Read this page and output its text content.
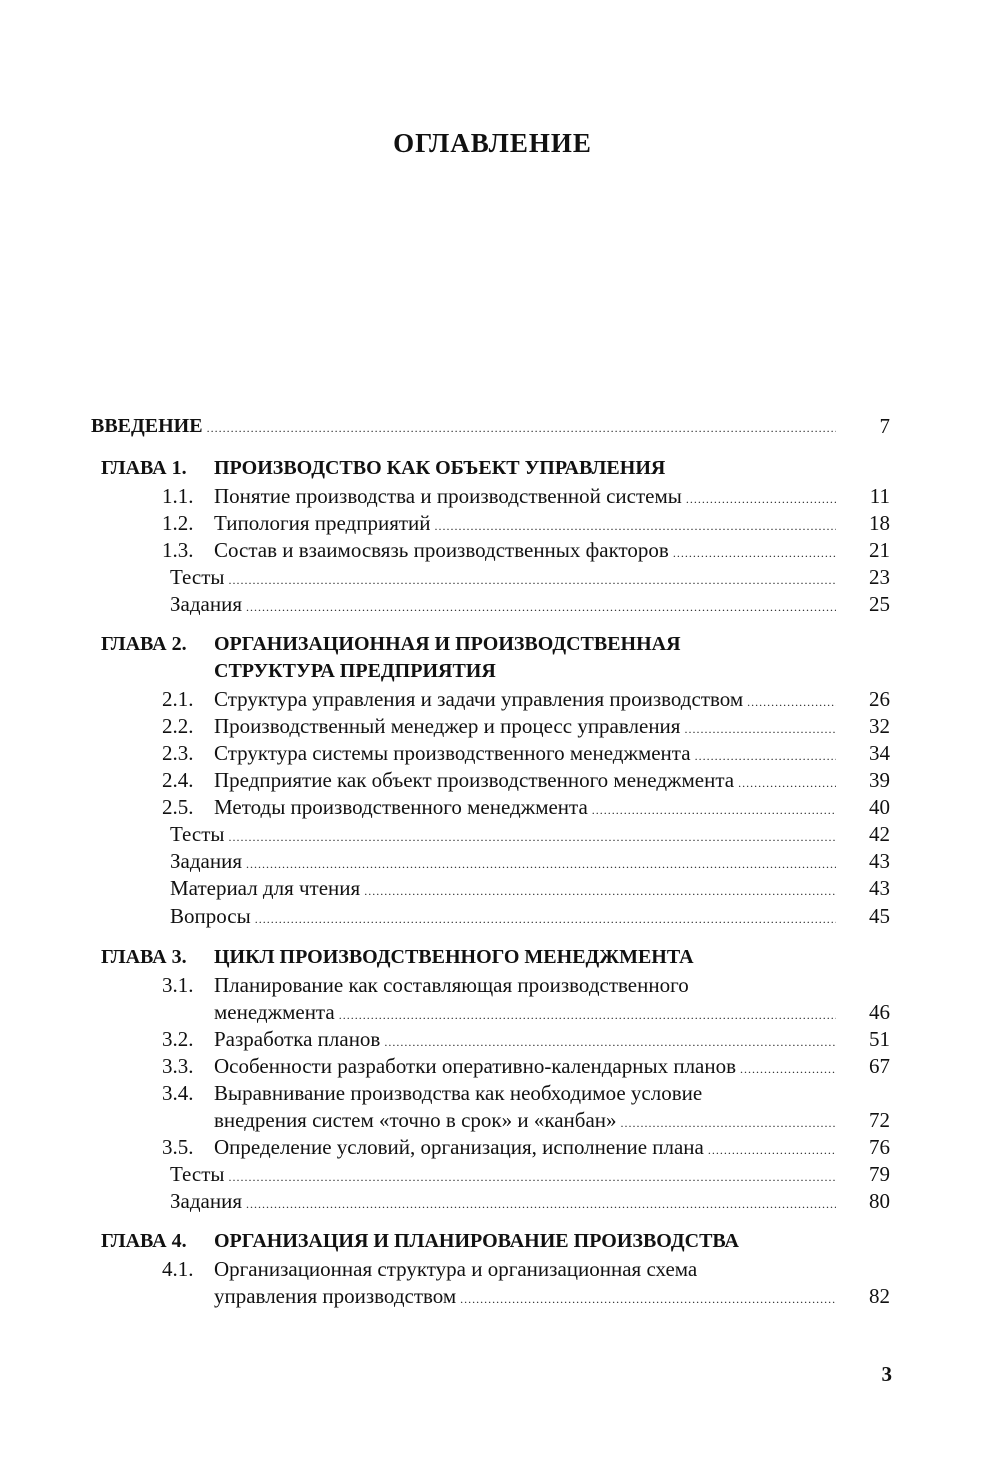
ОГЛАВЛЕНИЕ
ВВЕДЕНИЕ .....	7
ГЛАВА 1.	ПРОИЗВОДСТВО КАК ОБЪЕКТ УПРАВЛЕНИЯ
1.1. Понятие производства и производственной системы .....	11
1.2. Типология предприятий .....	18
1.3. Состав и взаимосвязь производственных факторов .....	21
Тесты .....	23
Задания .....	25
ГЛАВА 2.	ОРГАНИЗАЦИОННАЯ И ПРОИЗВОДСТВЕННАЯ
СТРУКТУРА ПРЕДПРИЯТИЯ
2.1. Структура управления и задачи управления производством .....	26
2.2. Производственный менеджер и процесс управления .....	32
2.3. Структура системы производственного менеджмента .....	34
2.4. Предприятие как объект производственного менеджмента .....	39
2.5. Методы производственного менеджмента .....	40
Тесты .....	42
Задания .....	43
Материал для чтения .....	43
Вопросы .....	45
ГЛАВА 3.	ЦИКЛ ПРОИЗВОДСТВЕННОГО МЕНЕДЖМЕНТА
3.1. Планирование как составляющая производственного
менеджмента .....	46
3.2. Разработка планов .....	51
3.3. Особенности разработки оперативно-календарных планов .....	67
3.4. Выравнивание производства как необходимое условие
внедрения систем «точно в срок» и «канбан» .....	72
3.5. Определение условий, организация, исполнение плана .....	76
Тесты .....	79
Задания .....	80
ГЛАВА 4.	ОРГАНИЗАЦИЯ И ПЛАНИРОВАНИЕ ПРОИЗВОДСТВА
4.1. Организационная структура и организационная схема
управления производством .....	82
3
